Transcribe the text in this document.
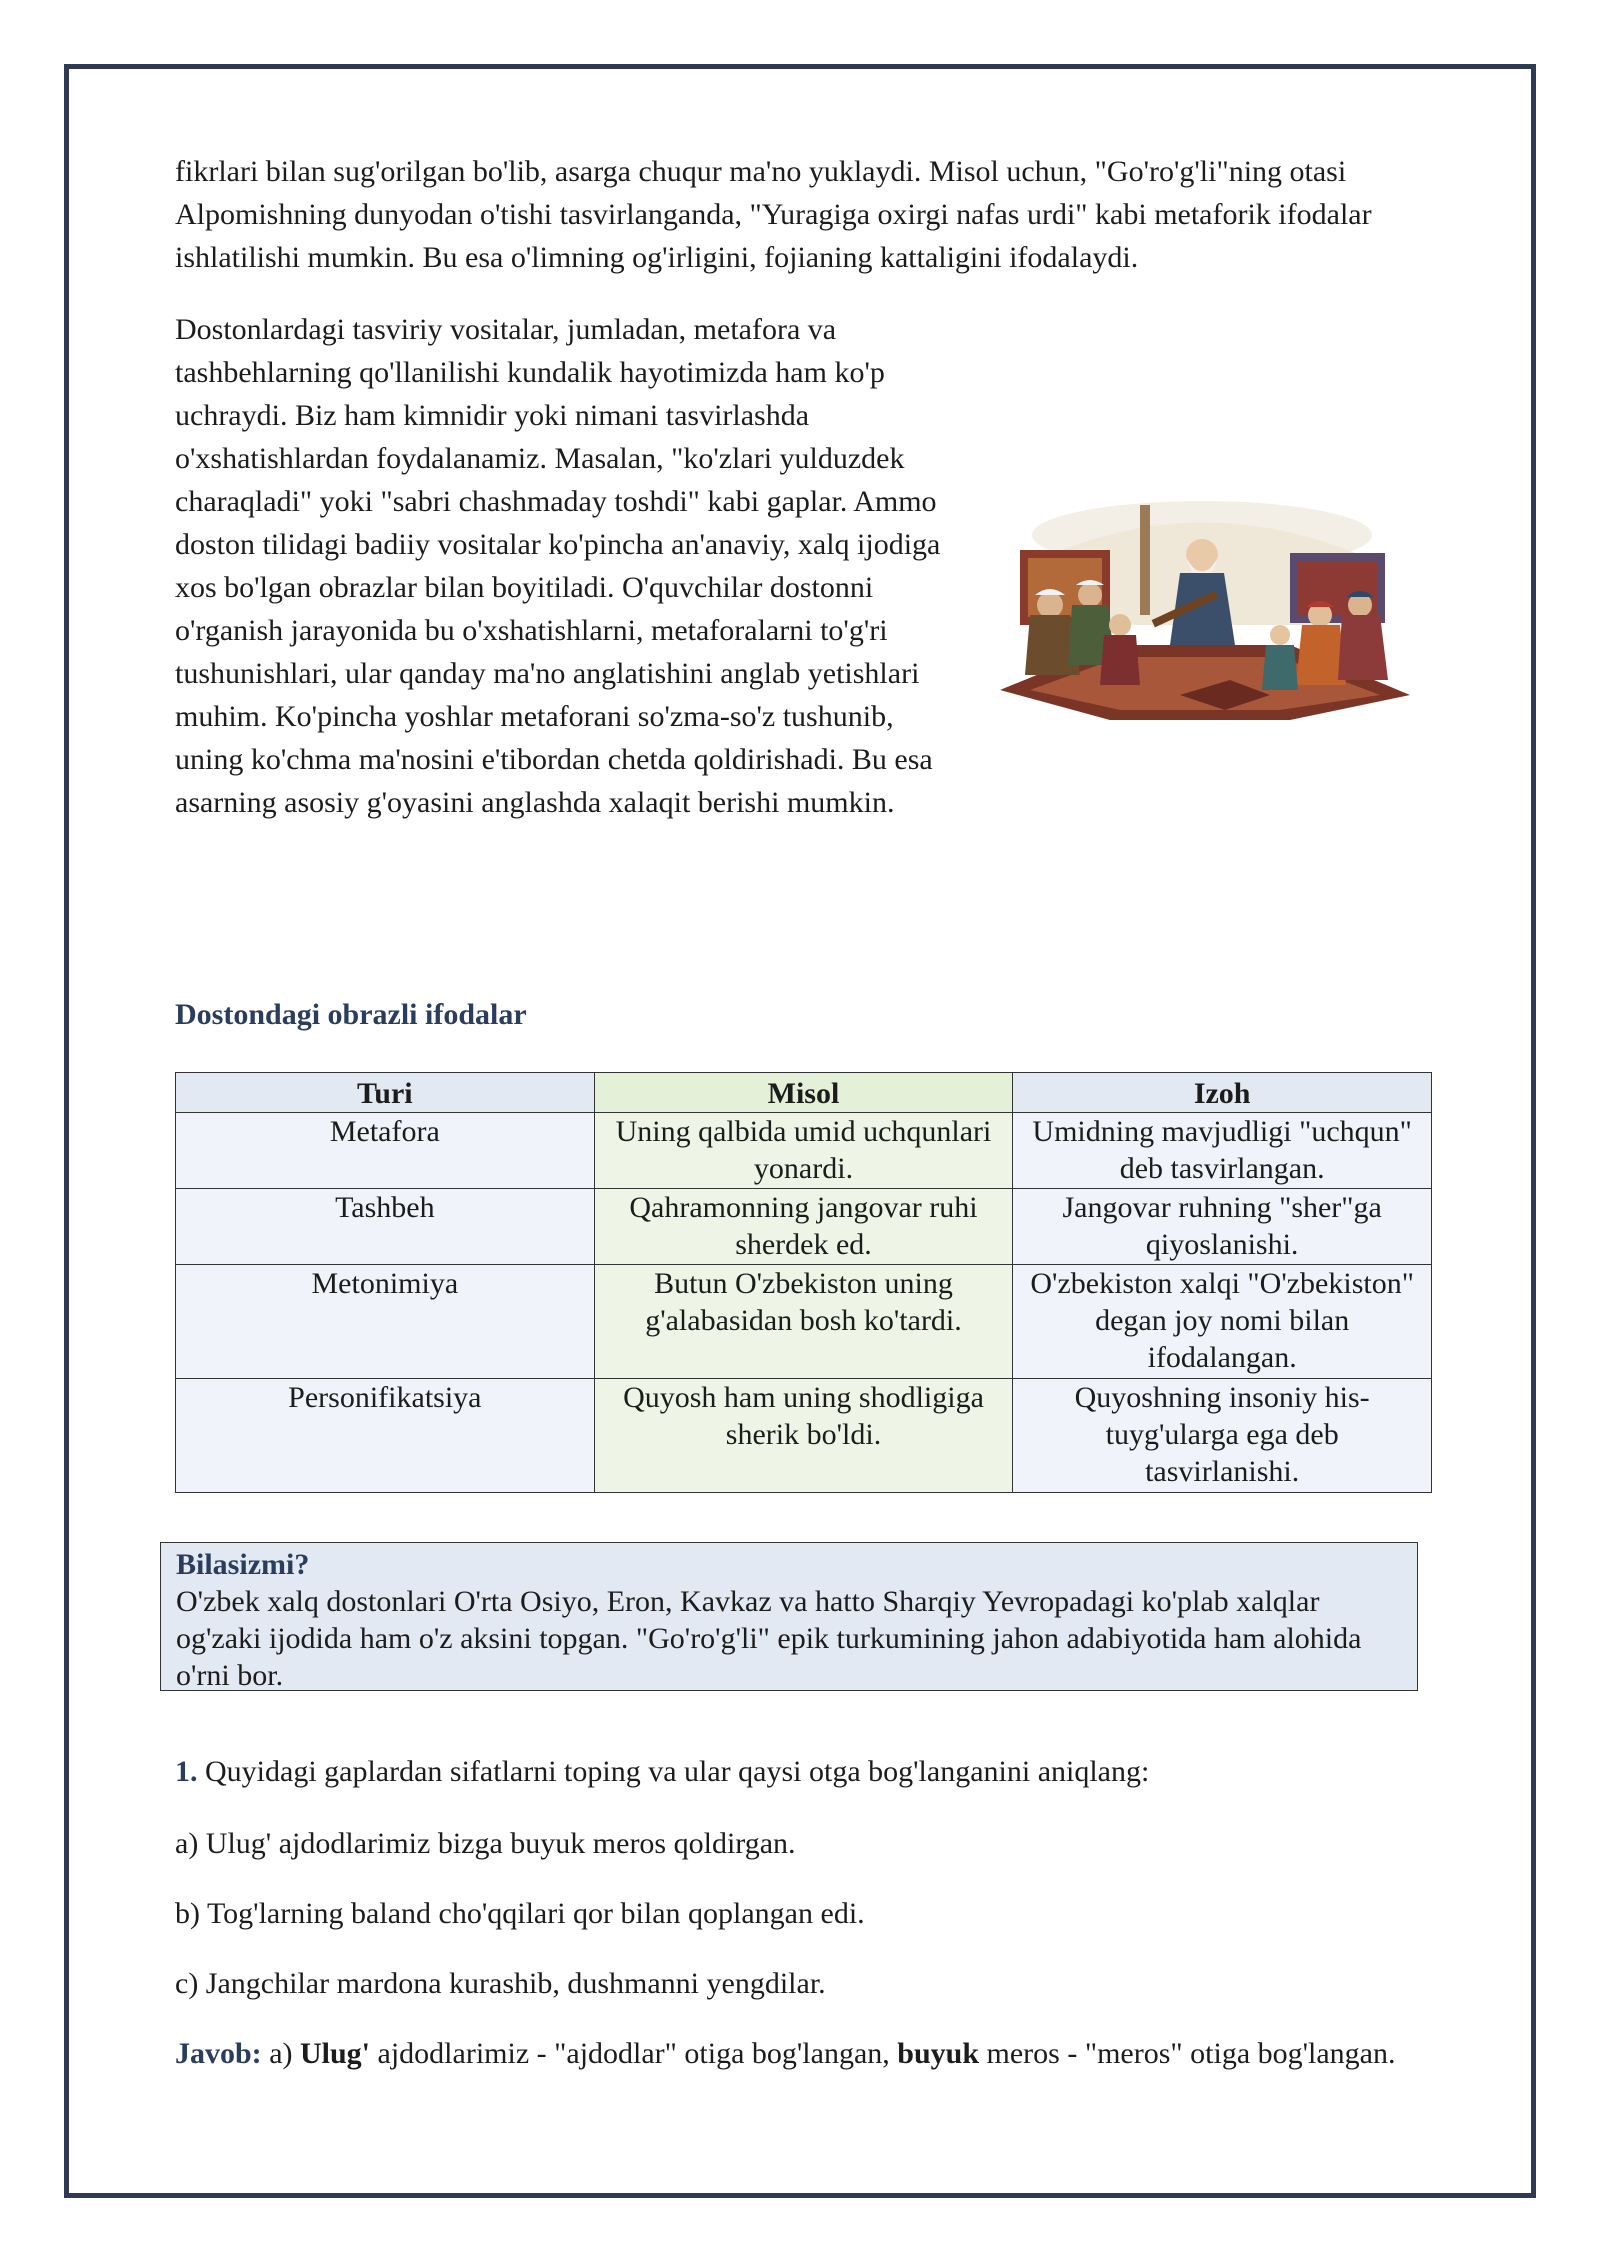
fikrlari bilan sug'orilgan bo'lib, asarga chuqur ma'no yuklaydi. Misol uchun, "Go'ro'g'li"ning otasi Alpomishning dunyodan o'tishi tasvirlanganda, "Yuragiga oxirgi nafas urdi" kabi metaforik ifodalar ishlatilishi mumkin. Bu esa o'limning og'irligini, fojianing kattaligini ifodalaydi.

Dostonlardagi tasviriy vositalar, jumladan, metafora va tashbehlarning qo'llanilishi kundalik hayotimizda ham ko'p uchraydi. Biz ham kimnidir yoki nimani tasvirlashda o'xshatishlardan foydalanamiz. Masalan, "ko'zlari yulduzdek charaqladi" yoki "sabri chashmaday toshdi" kabi gaplar. Ammo doston tilidagi badiiy vositalar ko'pincha an'anaviy, xalq ijodiga xos bo'lgan obrazlar bilan boyitiladi. O'quvchilar dostonni o'rganish jarayonida bu o'xshatishlarni, metaforalarni to'g'ri tushunishlari, ular qanday ma'no anglatishini anglab yetishlari muhim. Ko'pincha yoshlar metaforani so'zma-so'z tushunib, uning ko'chma ma'nosini e'tibordan chetda qoldirishadi. Bu esa asarning asosiy g'oyasini anglashda xalaqit berishi mumkin.

Dostondagi obrazli ifodalar

Turi	Misol	Izoh
Metafora	Uning qalbida umid uchqunlari yonardi.	Umidning mavjudligi "uchqun" deb tasvirlangan.
Tashbeh	Qahramonning jangovar ruhi sherdek ed.	Jangovar ruhning "sher"ga qiyoslanishi.
Metonimiya	Butun O'zbekiston uning g'alabasidan bosh ko'tardi.	O'zbekiston xalqi "O'zbekiston" degan joy nomi bilan ifodalangan.
Personifikatsiya	Quyosh ham uning shodligiga sherik bo'ldi.	Quyoshning insoniy his-tuyg'ularga ega deb tasvirlanishi.
Bilasizmi?
O'zbek xalq dostonlari O'rta Osiyo, Eron, Kavkaz va hatto Sharqiy Yevropadagi ko'plab xalqlar og'zaki ijodida ham o'z aksini topgan. "Go'ro'g'li" epik turkumining jahon adabiyotida ham alohida o'rni bor.

1. Quyidagi gaplardan sifatlarni toping va ular qaysi otga bog'langanini aniqlang:

a) Ulug' ajdodlarimiz bizga buyuk meros qoldirgan.

b) Tog'larning baland cho'qqilari qor bilan qoplangan edi.

c) Jangchilar mardona kurashib, dushmanni yengdilar.

Javob: a) Ulug' ajdodlarimiz - "ajdodlar" otiga bog'langan, buyuk meros - "meros" otiga bog'langan.
